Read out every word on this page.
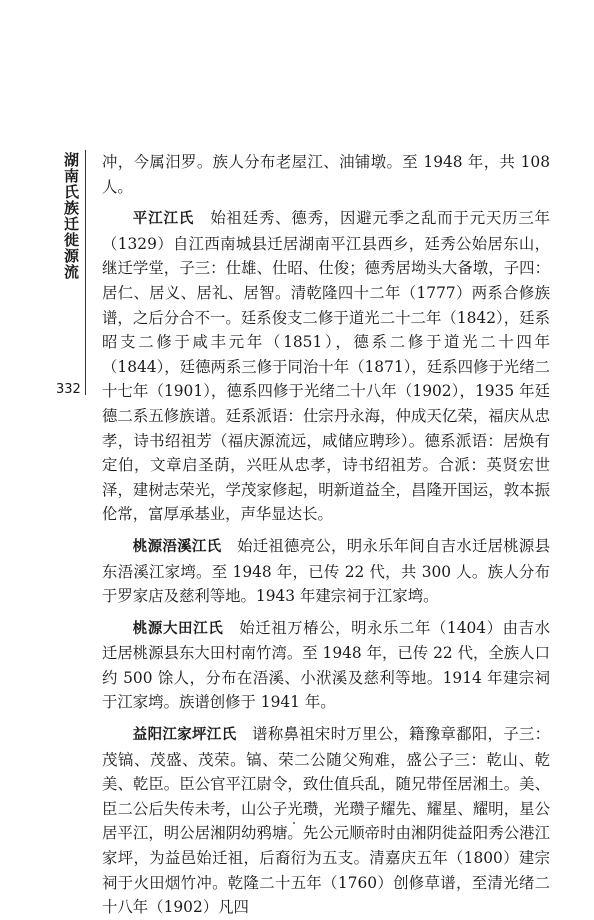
湖南氏族迁徙源流
332

冲，今属汨罗。族人分布老屋江、油铺墩。至 1948 年，共 108 人。

平江江氏　 始祖廷秀、德秀，因避元季之乱而于元天历三年（1329）自江西南城县迁居湖南平江县西乡，廷秀公始居东山，继迁学堂，子三：仕雄、仕昭、仕俊；德秀居坳头大备墩，子四：居仁、居义、居礼、居智。清乾隆四十二年（1777）两系合修族谱，之后分合不一。廷系俊支二修于道光二十二年（1842），廷系昭支二修于咸丰元年（1851），德系二修于道光二十四年（1844），廷德两系三修于同治十年（1871），廷系四修于光绪二十七年（1901），德系四修于光绪二十八年（1902），1935 年廷德二系五修族谱。廷系派语：仕宗丹永海，仲成天亿荣，福庆从忠孝，诗书绍祖芳（福庆源流远，咸储应聘珍）。德系派语：居焕有定伯，文章启圣荫，兴旺从忠孝，诗书绍祖芳。合派：英贤宏世泽，建树志荣光，学茂家修起，明新道益全，昌隆开国运，敦本振伦常，富厚承基业，声华显达长。

桃源浯溪江氏　 始迁祖德亮公，明永乐年间自吉水迁居桃源县东浯溪江家塆。至 1948 年，已传 22 代，共 300 人。族人分布于罗家店及慈利等地。1943 年建宗祠于江家塆。

桃源大田江氏　 始迁祖万椿公，明永乐二年（1404）由吉水迁居桃源县东大田村南竹湾。至 1948 年，已传 22 代，全族人口约 500 馀人，分布在浯溪、小洑溪及慈利等地。1914 年建宗祠于江家塆。族谱创修于 1941 年。

益阳江家坪江氏　 谱称鼻祖宋时万里公，籍豫章鄱阳，子三：茂镐、茂盛、茂荣。镐、荣二公随父殉难，盛公子三：乾山、乾美、乾臣。臣公官平江尉令，致仕值兵乱，随兄带侄居湘土。美、臣二公后失传未考，山公子光瓒，光瓒子耀先、耀星、耀明，星公居平江，明公居湘阴幼鸦塘。先公元顺帝时由湘阴徙益阳秀公港江家坪，为益邑始迁祖，后裔衍为五支。清嘉庆五年（1800）建宗祠于火田烟竹冲。乾隆二十五年（1760）创修草谱，至清光绪二十八年（1902）凡四
